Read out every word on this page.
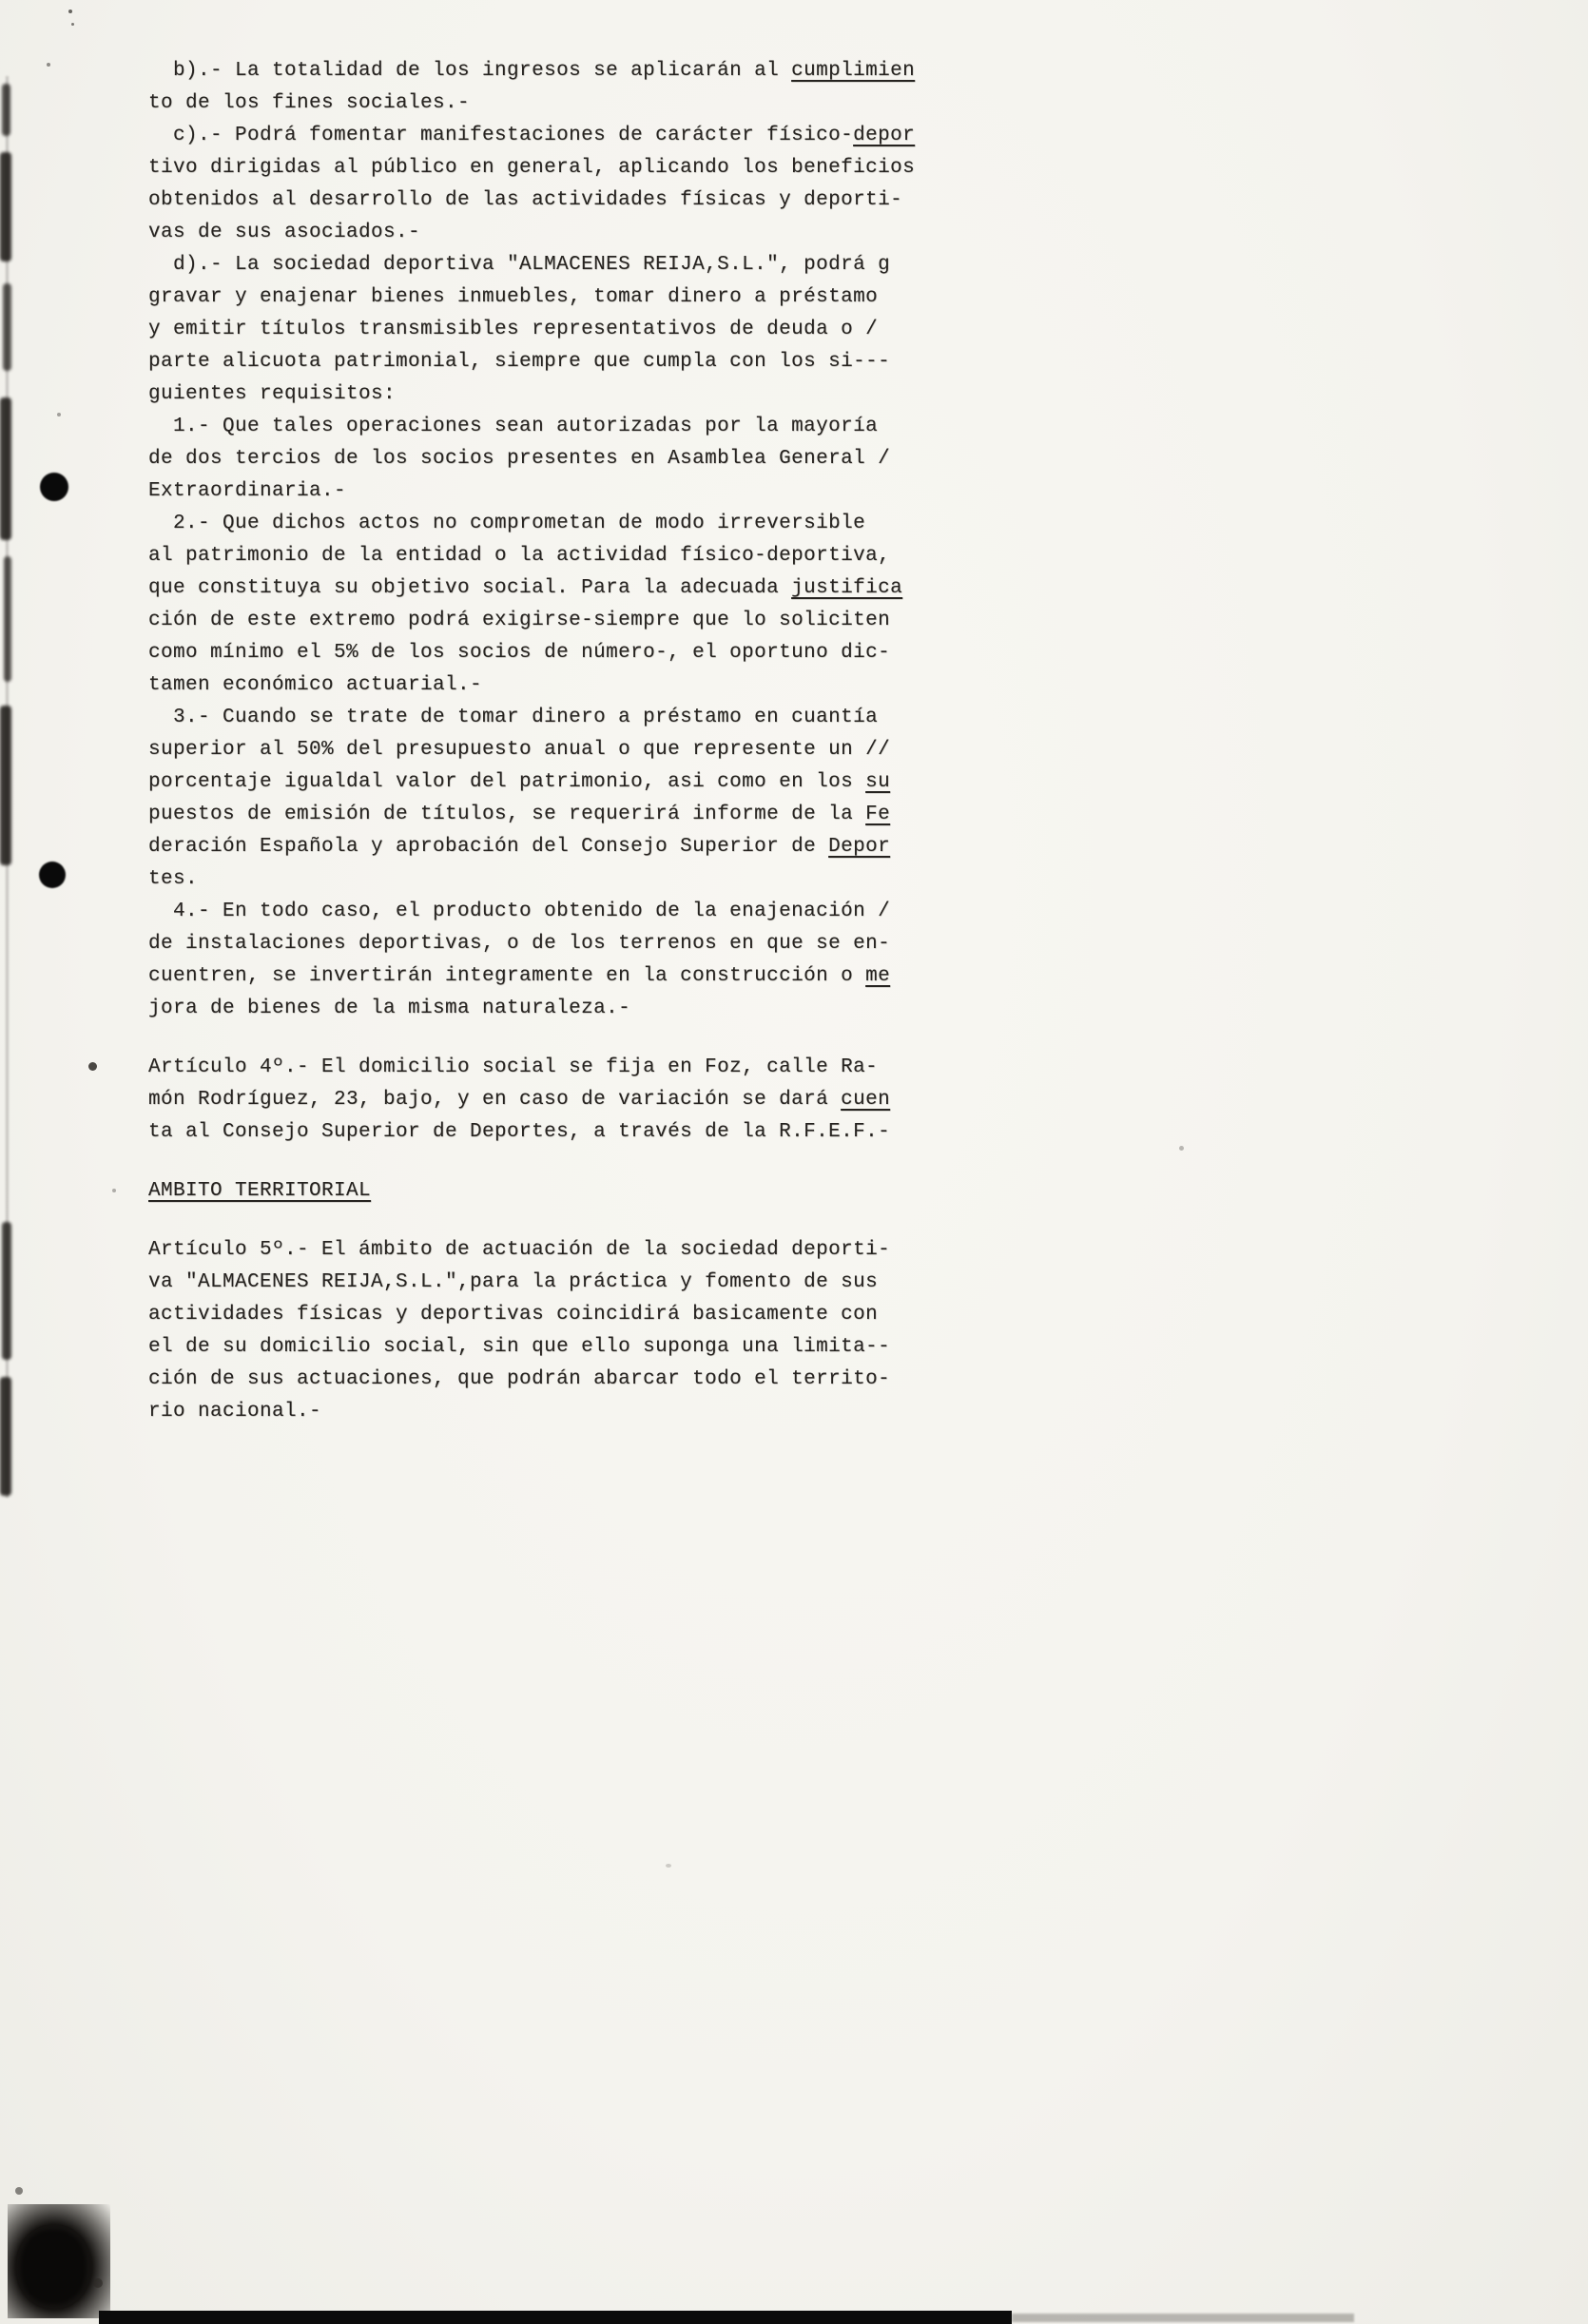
b).- La totalidad de los ingresos se aplicarán al cumplimien
to de los fines sociales.-
c).- Podrá fomentar manifestaciones de carácter físico-depor
tivo dirigidas al público en general, aplicando los beneficios
obtenidos al desarrollo de las actividades físicas y deporti-
vas de sus asociados.-
d).- La sociedad deportiva "ALMACENES REIJA,S.L.", podrá g
gravar y enajenar bienes inmuebles, tomar dinero a préstamo
y emitir títulos transmisibles representativos de deuda o /
parte alicuota patrimonial, siempre que cumpla con los si---
guientes requisitos:
1.- Que tales operaciones sean autorizadas por la mayoría
de dos tercios de los socios presentes en Asamblea General /
Extraordinaria.-
2.- Que dichos actos no comprometan de modo irreversible
al patrimonio de la entidad o la actividad físico-deportiva,
que constituya su objetivo social. Para la adecuada justifica
ción de este extremo podrá exigirse-siempre que lo soliciten
como mínimo el 5% de los socios de número-, el oportuno dic-
tamen económico actuarial.-
3.- Cuando se trate de tomar dinero a préstamo en cuantía
superior al 50% del presupuesto anual o que represente un //
porcentaje igualdal valor del patrimonio, asi como en los su
puestos de emisión de títulos, se requerirá informe de la Fe
deración Española y aprobación del Consejo Superior de Depor
tes.
4.- En todo caso, el producto obtenido de la enajenación /
de instalaciones deportivas, o de los terrenos en que se en-
cuentren, se invertirán integramente en la construcción o me
jora de bienes de la misma naturaleza.-
Artículo 4º.- El domicilio social se fija en Foz, calle Ra-
món Rodríguez, 23, bajo, y en caso de variación se dará cuen
ta al Consejo Superior de Deportes, a través de la R.F.E.F.-
AMBITO TERRITORIAL
Artículo 5º.- El ámbito de actuación de la sociedad deporti-
va "ALMACENES REIJA,S.L.",para la práctica y fomento de sus
actividades físicas y deportivas coincidirá basicamente con
el de su domicilio social, sin que ello suponga una limita--
ción de sus actuaciones, que podrán abarcar todo el territo-
rio nacional.-
